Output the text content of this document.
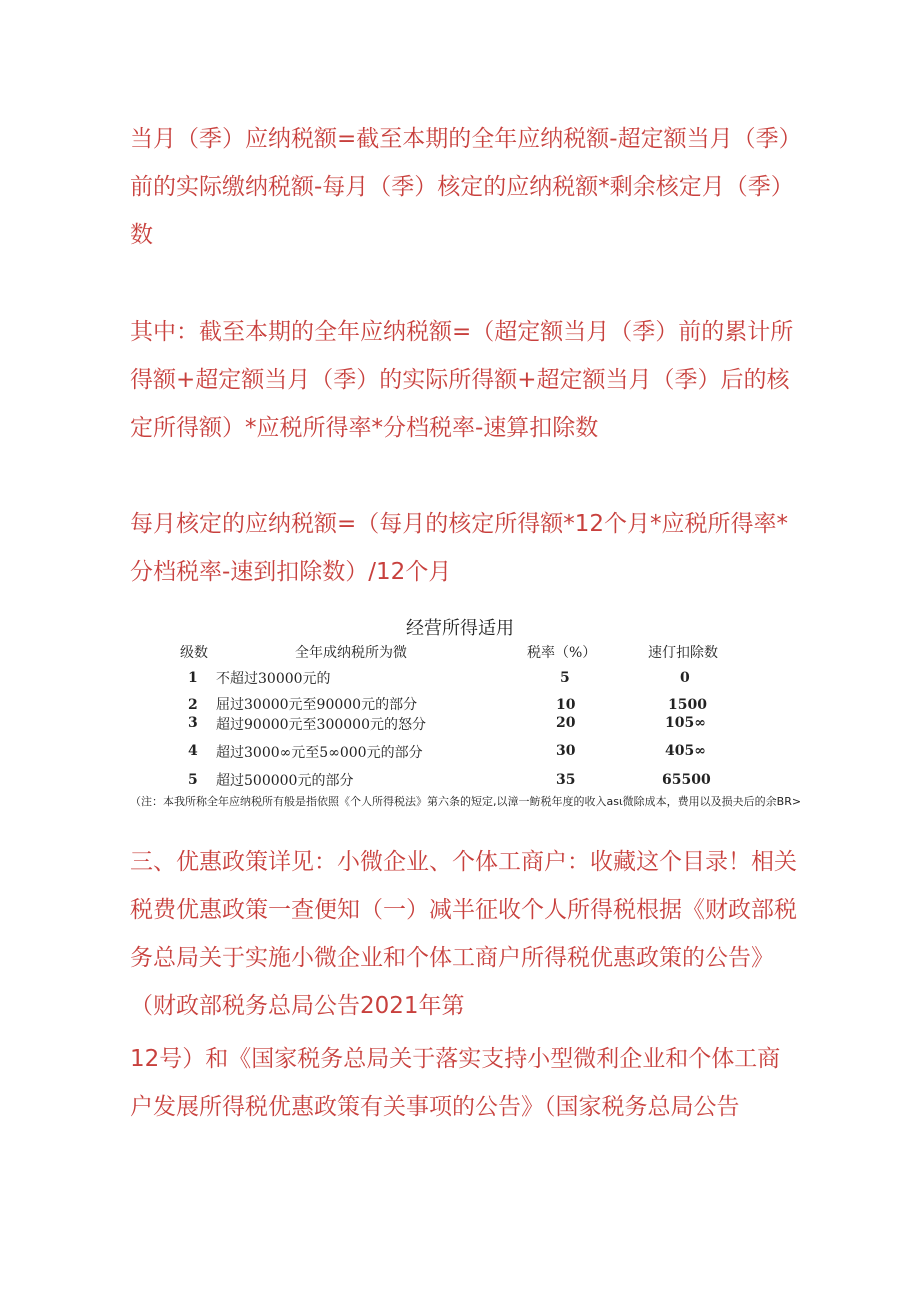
当月（季）应纳税额=截至本期的全年应纳税额-超定额当月（季）前的实际缴纳税额-每月（季）核定的应纳税额*剩余核定月（季）数

其中：截至本期的全年应纳税额=（超定额当月（季）前的累计所得额+超定额当月（季）的实际所得额+超定额当月（季）后的核定所得额）*应税所得率*分档税率-速算扣除数

每月核定的应纳税额=（每月的核定所得额*12个月*应税所得率*分档税率-速到扣除数）/12个月

经营所得适用

级数	全年成纳税所为微	税率（%）	速仃扣除数
1 不超过30000元的	5	0
2 屈过30000元至90000元的部分	10	1500
3 超过90000元至300000元的怒分	20	105∞
4 超过3000∞元至5∞000元的部分	30	405∞
5 超过500000元的部分	35	65500

（注：本我所称全年应纳税所有般是指依照《个人所得税法》第六条的短定,以漳一鲂税年度的收入asι微除成本，费用以及损夬后的余BR>

三、优惠政策详见：小微企业、个体工商户：收藏这个目录！相关税费优惠政策一查便知（一）减半征收个人所得税根据《财政部税务总局关于实施小微企业和个体工商户所得税优惠政策的公告》（财政部税务总局公告2021年第

12号）和《国家税务总局关于落实支持小型微利企业和个体工商户发展所得税优惠政策有关事项的公告》（国家税务总局公告
